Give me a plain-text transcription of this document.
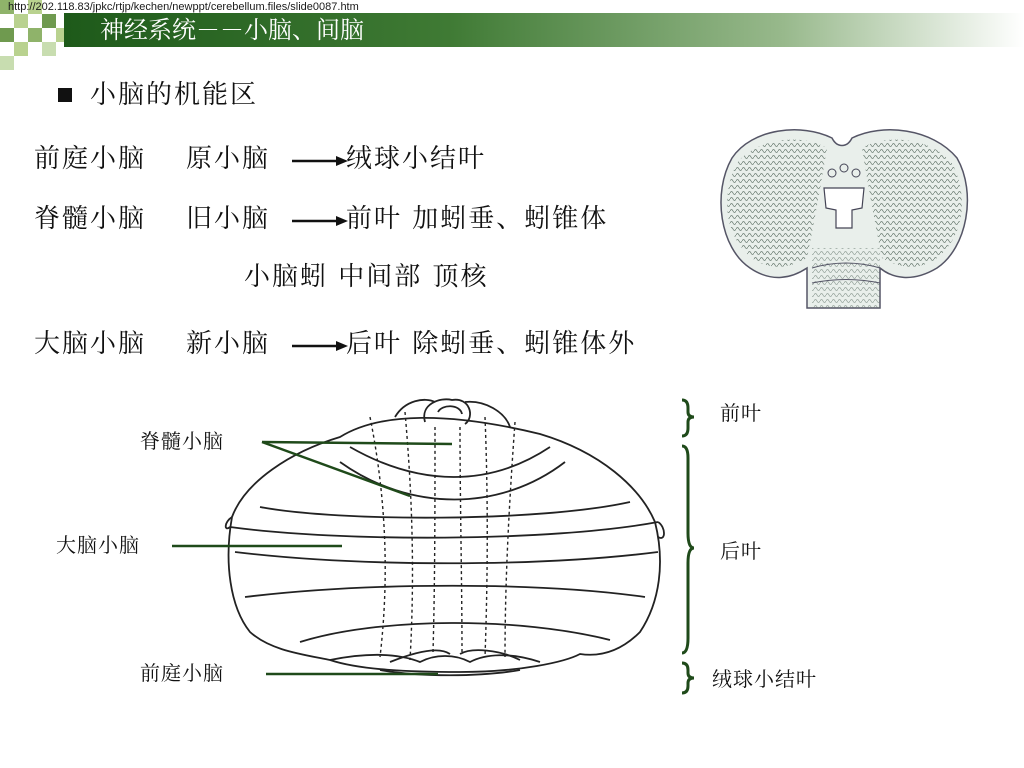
http://202.118.83/jpkc/rtjp/kechen/newppt/cerebellum.files/slide0087.htm
神经系统－－小脑、间脑
小脑的机能区
前庭小脑 原小脑	绒球小结叶
脊髓小脑 旧小脑	前叶 加蚓垂、蚓锥体
小脑蚓 中间部 顶核
大脑小脑 新小脑	后叶 除蚓垂、蚓锥体外
脊髓小脑
大脑小脑
前庭小脑
前叶
后叶
绒球小结叶
